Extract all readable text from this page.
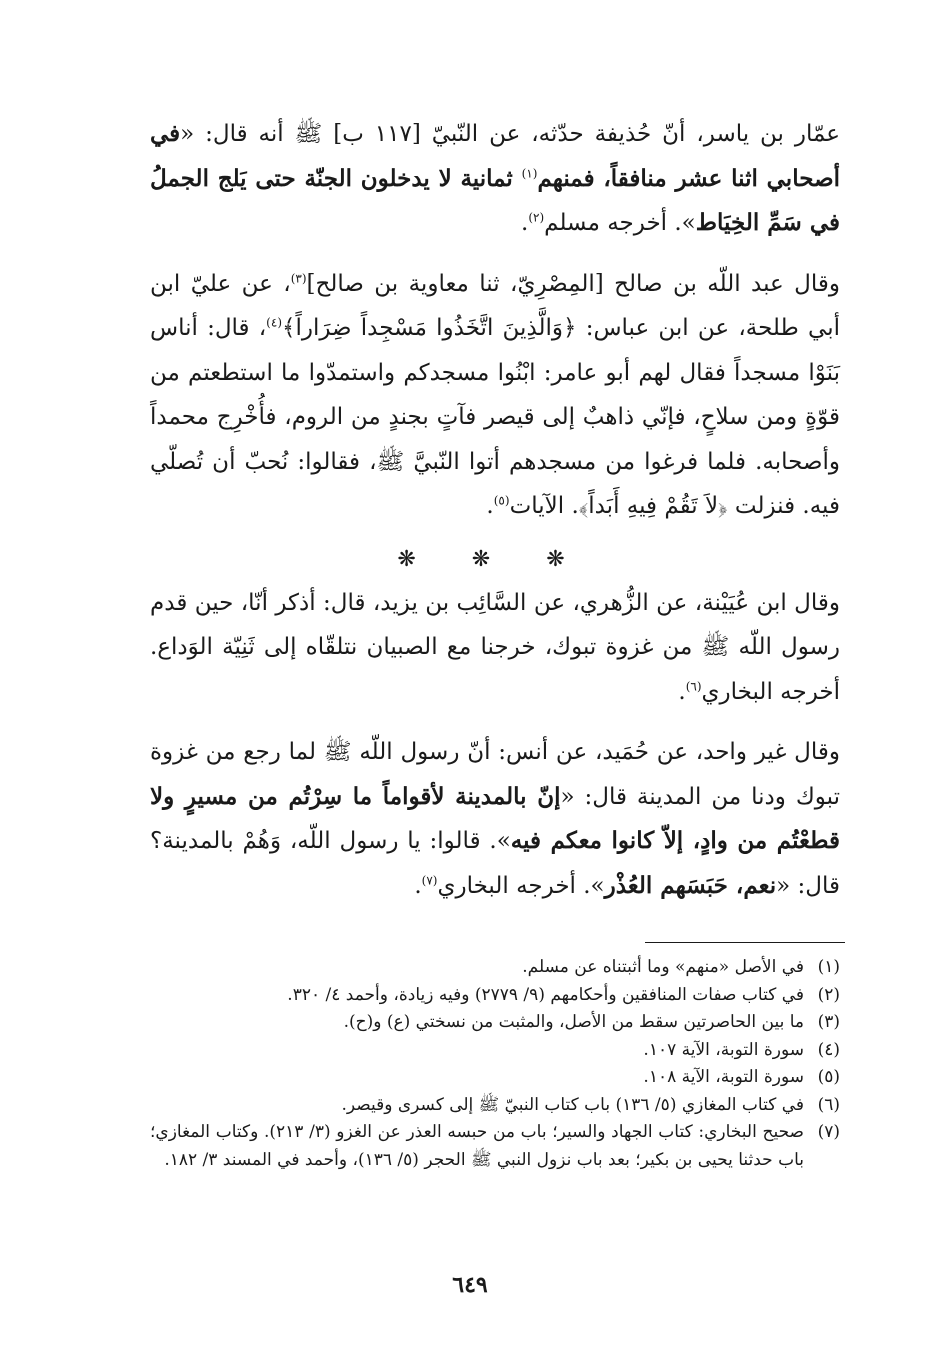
عمّار بن ياسر، أنّ حُذيفة حدّثه، عن النّبيّ [١١٧ ب] ﷺ أنه قال: «في أصحابي اثنا عشر منافقاً، فمنهم$^{(١)}$ ثمانية لا يدخلون الجنّة حتى يَلج الجملُ في سَمِّ الخِيَاط». أخرجه مسلم$^{(٢)}$.

وقال عبد اللّه بن صالح [المِصْرِيّ، ثنا معاوية بن صالح]$^{(٣)}$، عن عليّ ابن أبي طلحة، عن ابن عباس: ﴿وَالَّذِينَ اتَّخَذُوا مَسْجِداً ضِرَاراً﴾$^{(٤)}$، قال: أناس بَنَوْا مسجداً فقال لهم أبو عامر: ابْنُوا مسجدكم واستمدّوا ما استطعتم من قوّةٍ ومن سلاحٍ، فإنّي ذاهبٌ إلى قيصر فآتٍ بجندٍ من الروم، فأُخْرِج محمداً وأصحابه. فلما فرغوا من مسجدهم أتوا النّبيَّ ﷺ، فقالوا: نُحبّ أن تُصلّي فيه. فنزلت ﴿لاَ تَقُمْ فِيهِ أَبَداً﴾. الآيات$^{(٥)}$.

❋❋❋

وقال ابن عُيَيْنة، عن الزُّهري، عن السَّائِب بن يزيد، قال: أذكر أنّا، حين قدم رسول اللّه ﷺ من غزوة تبوك، خرجنا مع الصبيان نتلقّاه إلى ثَنِيّة الوَداع. أخرجه البخاري$^{(٦)}$.

وقال غير واحد، عن حُمَيد، عن أنس: أنّ رسول اللّه ﷺ لما رجع من غزوة تبوك ودنا من المدينة قال: «إنّ بالمدينة لأقواماً ما سِرْتُم من مسيرٍ ولا قطعْتُم من وادٍ، إلاّ كانوا معكم فيه». قالوا: يا رسول اللّه، وَهُمْ بالمدينة؟ قال: «نعم، حَبَسَهم العُذْر». أخرجه البخاري$^{(٧)}$.

(١)
في الأصل «منهم» وما أثبتناه عن مسلم.

(٢)
في كتاب صفات المنافقين وأحكامهم (٩/ ٢٧٧٩) وفيه زيادة، وأحمد ٤/ ٣٢٠.

(٣)
ما بين الحاصرتين سقط من الأصل، والمثبت من نسختي (ع) و(ح).

(٤)
سورة التوبة، الآية ١٠٧.

(٥)
سورة التوبة، الآية ١٠٨.

(٦)
في كتاب المغازي (٥/ ١٣٦) باب كتاب النبيّ ﷺ إلى كسرى وقيصر.

(٧)
صحيح البخاري: كتاب الجهاد والسير؛ باب من حبسه العذر عن الغزو (٣/ ٢١٣). وكتاب المغازي؛ باب حدثنا يحيى بن بكير؛ بعد باب نزول النبي ﷺ الحجر (٥/ ١٣٦)، وأحمد في المسند ٣/ ١٨٢.

٦٤٩
